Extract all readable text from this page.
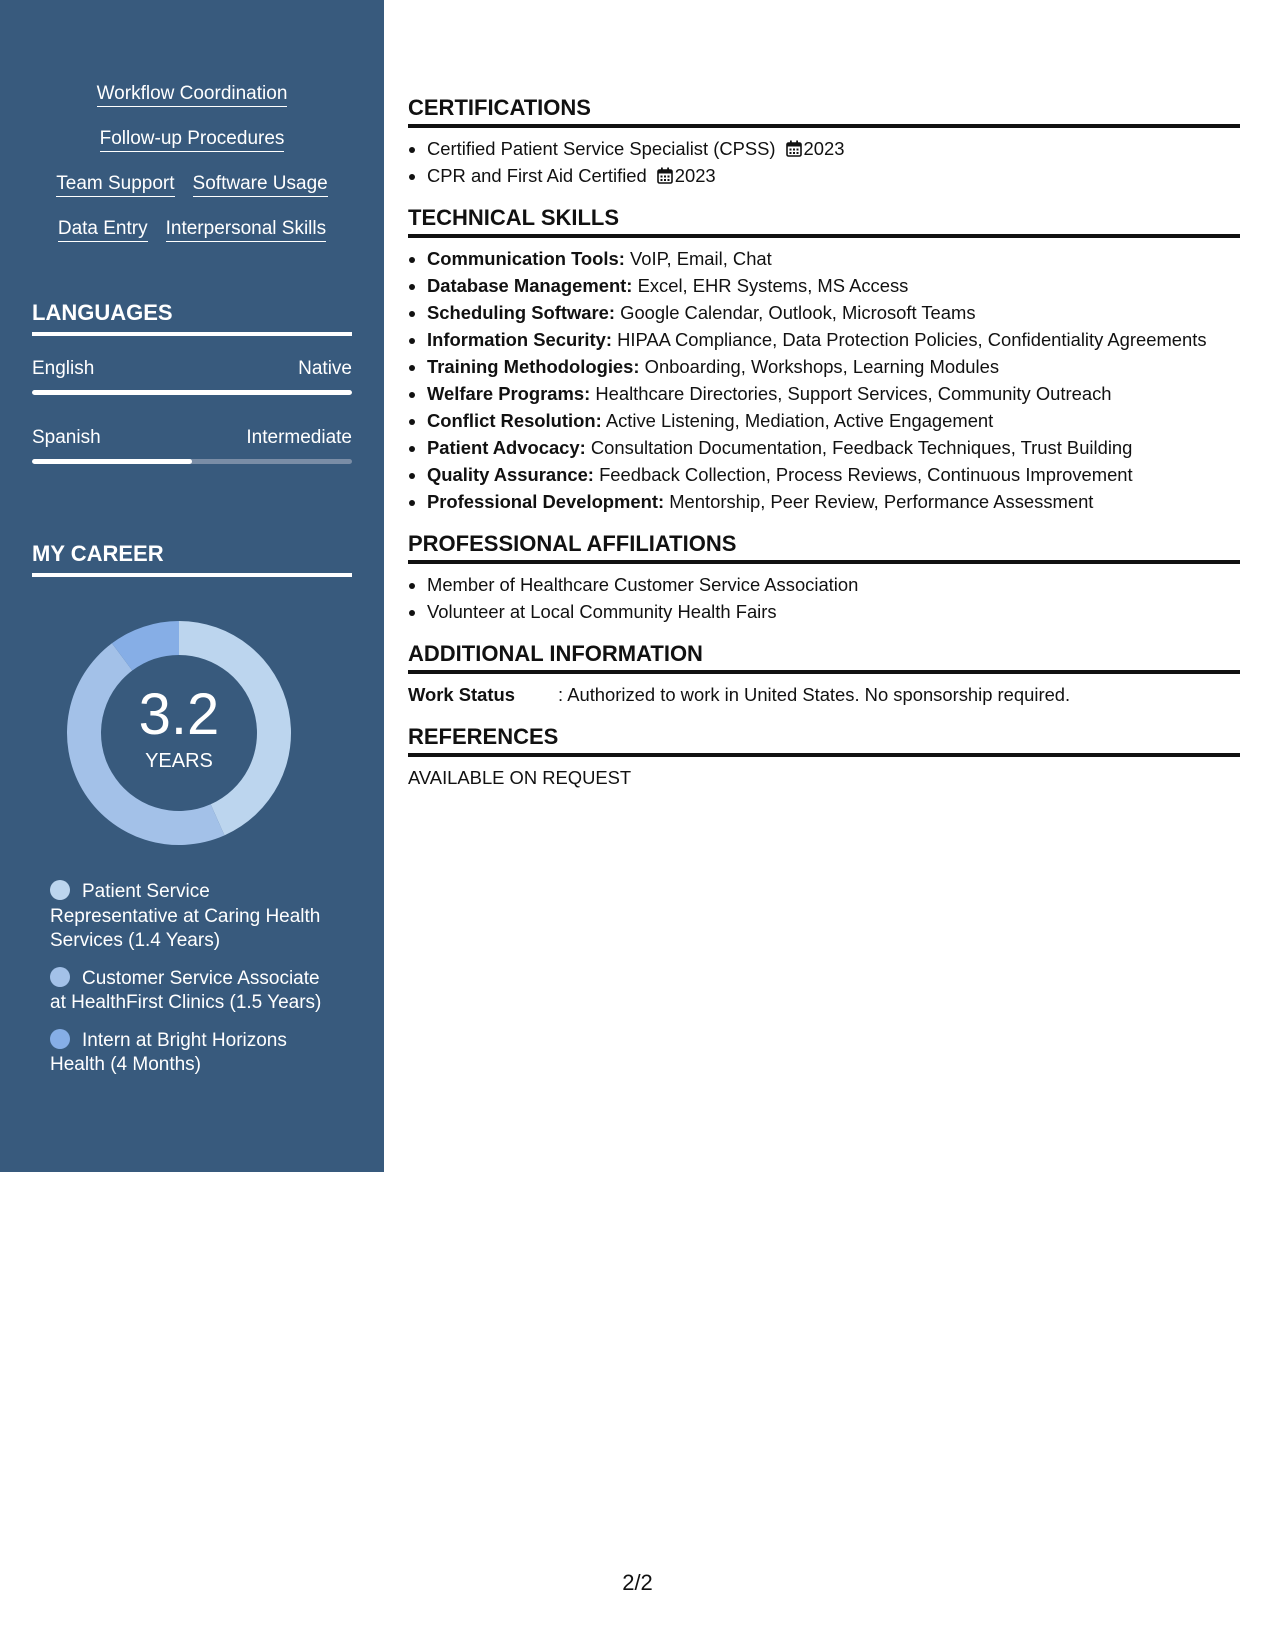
Workflow Coordination
Follow-up Procedures
Team Support Software Usage
Data Entry Interpersonal Skills
LANGUAGES
English	Native
Spanish	Intermediate
MY CAREER
3.2
YEARS
Patient Service Representative at Caring Health Services (1.4 Years)
Customer Service Associate at HealthFirst Clinics (1.5 Years)
Intern at Bright Horizons Health (4 Months)
CERTIFICATIONS
• Certified Patient Service Specialist (CPSS) 2023
• CPR and First Aid Certified 2023
TECHNICAL SKILLS
• Communication Tools: VoIP, Email, Chat
• Database Management: Excel, EHR Systems, MS Access
• Scheduling Software: Google Calendar, Outlook, Microsoft Teams
• Information Security: HIPAA Compliance, Data Protection Policies, Confidentiality Agreements
• Training Methodologies: Onboarding, Workshops, Learning Modules
• Welfare Programs: Healthcare Directories, Support Services, Community Outreach
• Conflict Resolution: Active Listening, Mediation, Active Engagement
• Patient Advocacy: Consultation Documentation, Feedback Techniques, Trust Building
• Quality Assurance: Feedback Collection, Process Reviews, Continuous Improvement
• Professional Development: Mentorship, Peer Review, Performance Assessment
PROFESSIONAL AFFILIATIONS
• Member of Healthcare Customer Service Association
• Volunteer at Local Community Health Fairs
ADDITIONAL INFORMATION
Work Status	: Authorized to work in United States. No sponsorship required.
REFERENCES
AVAILABLE ON REQUEST
2/2
